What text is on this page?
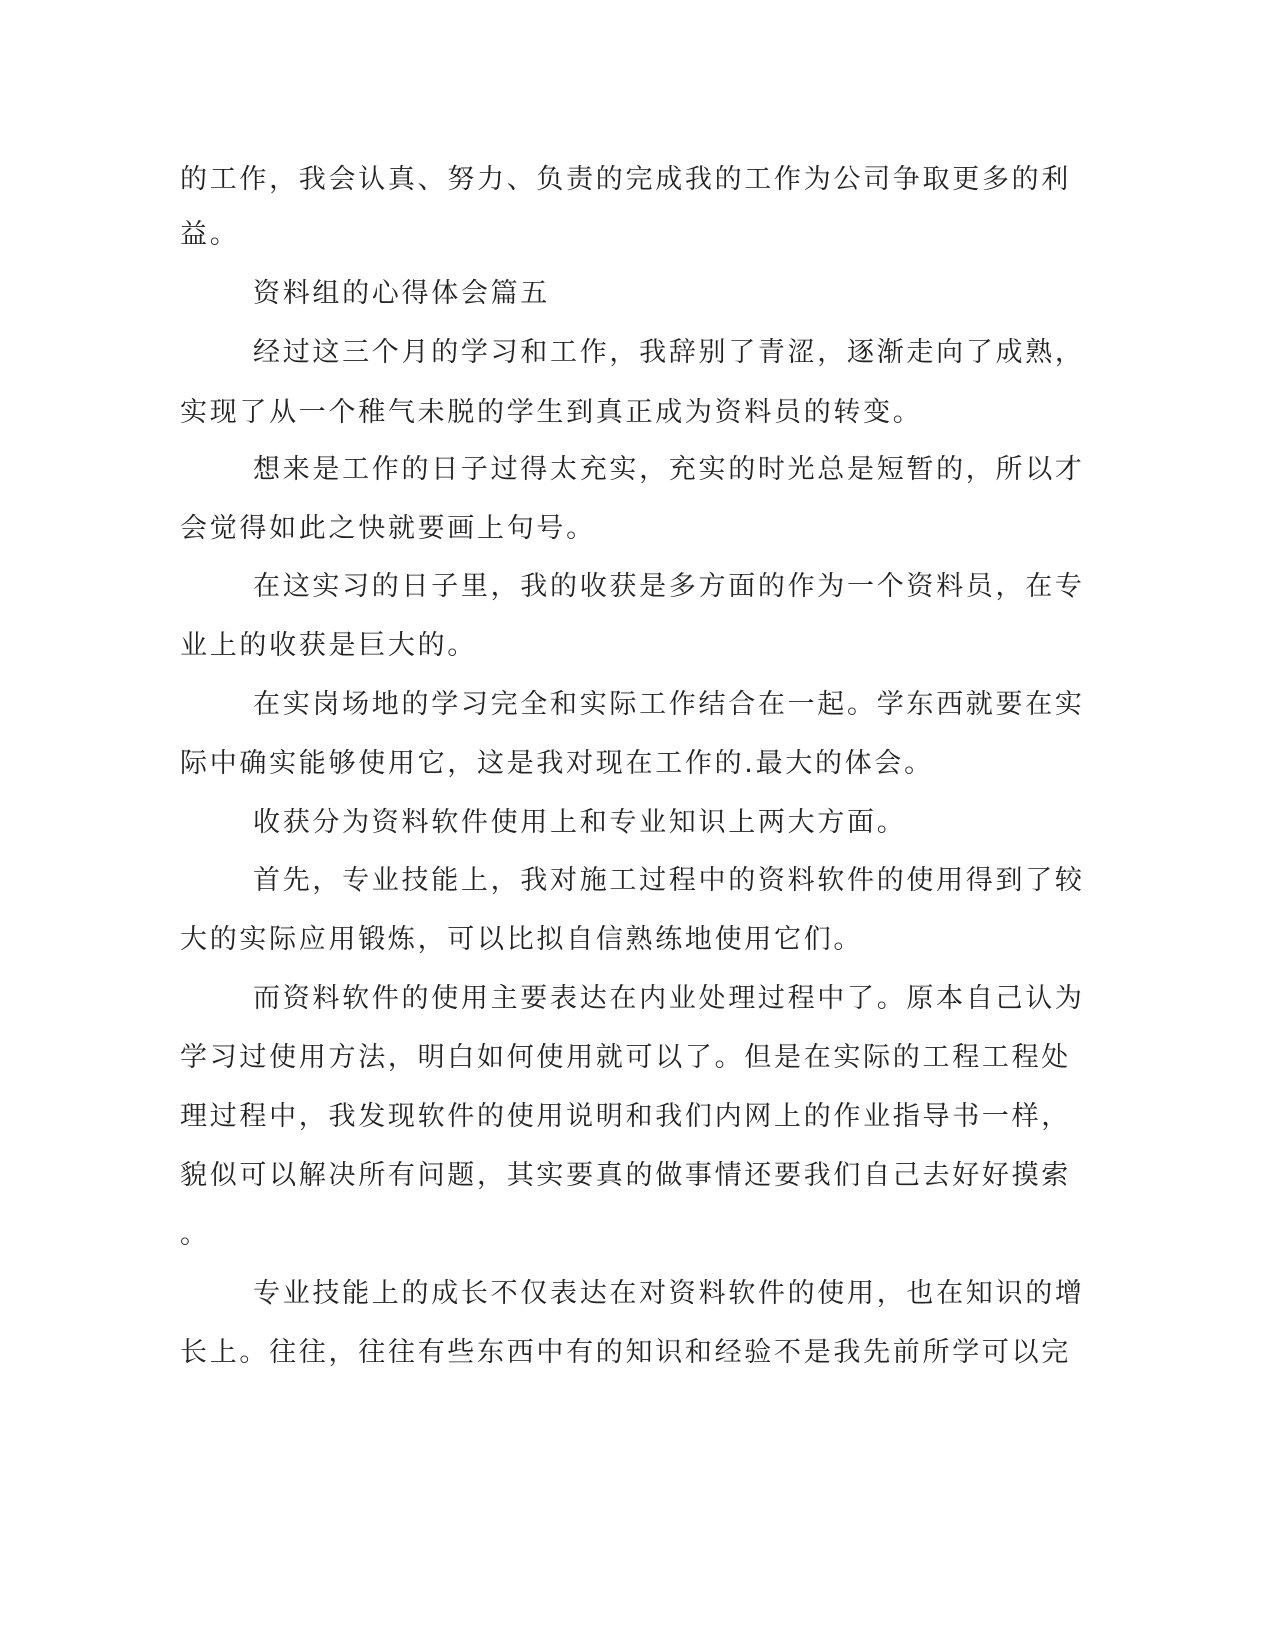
的工作，我会认真、努力、负责的完成我的工作为公司争取更多的利
益。
资料组的心得体会篇五
经过这三个月的学习和工作，我辞别了青涩，逐渐走向了成熟，
实现了从一个稚气未脱的学生到真正成为资料员的转变。
想来是工作的日子过得太充实，充实的时光总是短暂的，所以才
会觉得如此之快就要画上句号。
在这实习的日子里，我的收获是多方面的作为一个资料员，在专
业上的收获是巨大的。
在实岗场地的学习完全和实际工作结合在一起。学东西就要在实
际中确实能够使用它，这是我对现在工作的.最大的体会。
收获分为资料软件使用上和专业知识上两大方面。
首先，专业技能上，我对施工过程中的资料软件的使用得到了较
大的实际应用锻炼，可以比拟自信熟练地使用它们。
而资料软件的使用主要表达在内业处理过程中了。原本自己认为
学习过使用方法，明白如何使用就可以了。但是在实际的工程工程处
理过程中，我发现软件的使用说明和我们内网上的作业指导书一样，
貌似可以解决所有问题，其实要真的做事情还要我们自己去好好摸索
。
专业技能上的成长不仅表达在对资料软件的使用，也在知识的增
长上。往往，往往有些东西中有的知识和经验不是我先前所学可以完
